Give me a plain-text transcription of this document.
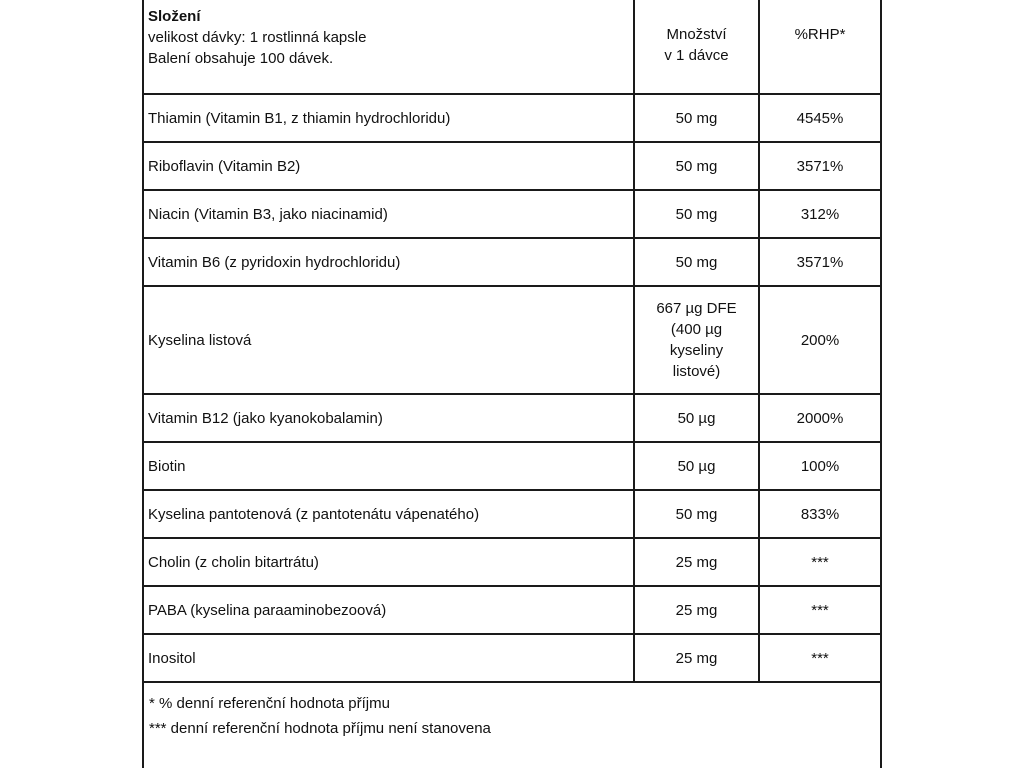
Složení
velikost dávky: 1 rostlinná kapsle
Balení obsahuje 100 dávek.	Množství
v 1 dávce	%RHP*
Thiamin (Vitamin B1, z thiamin hydrochloridu)	50 mg	4545%
Riboflavin (Vitamin B2)	50 mg	3571%
Niacin (Vitamin B3, jako niacinamid)	50 mg	312%
Vitamin B6 (z pyridoxin hydrochloridu)	50 mg	3571%
Kyselina listová	667 µg DFE
(400 µg
kyseliny
listové)	200%
Vitamin B12 (jako kyanokobalamin)	50 µg	2000%
Biotin	50 µg	100%
Kyselina pantotenová (z pantotenátu vápenatého)	50 mg	833%
Cholin (z cholin bitartrátu)	25 mg	***
PABA (kyselina paraaminobezoová)	25 mg	***
Inositol	25 mg	***

* % denní referenční hodnota příjmu
*** denní referenční hodnota příjmu není stanovena		
